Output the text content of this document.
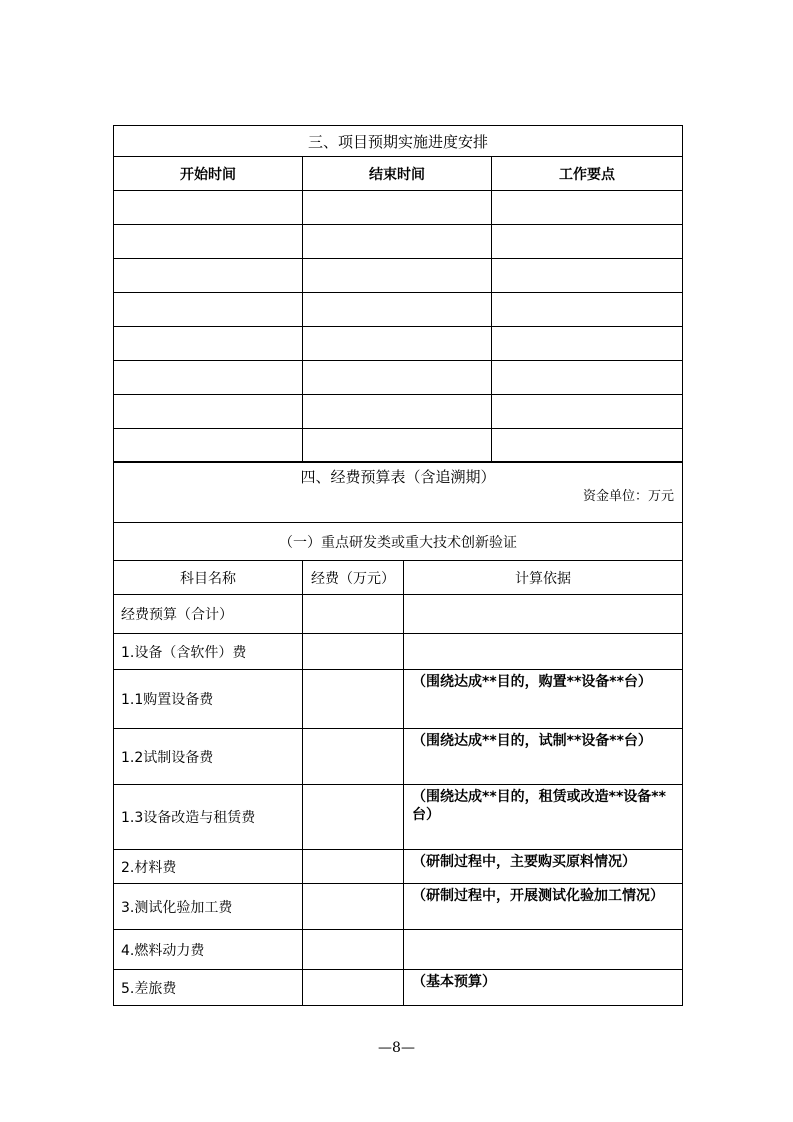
三、项目预期实施进度安排		
开始时间	结束时间	工作要点

四、经费预算表（含追溯期）
资金单位：万元		

（一）重点研发类或重大技术创新验证		
科目名称	经费（万元）	计算依据
经费预算（合计）		
1.设备（含软件）费		
1.1购置设备费		（围绕达成**目的，购置**设备**台）
1.2试制设备费		（围绕达成**目的，试制**设备**台）
1.3设备改造与租赁费		（围绕达成**目的，租赁或改造**设备**台）
2.材料费		（研制过程中，主要购买原料情况）
3.测试化验加工费		（研制过程中，开展测试化验加工情况）
4.燃料动力费		
5.差旅费		（基本预算）
—8—
